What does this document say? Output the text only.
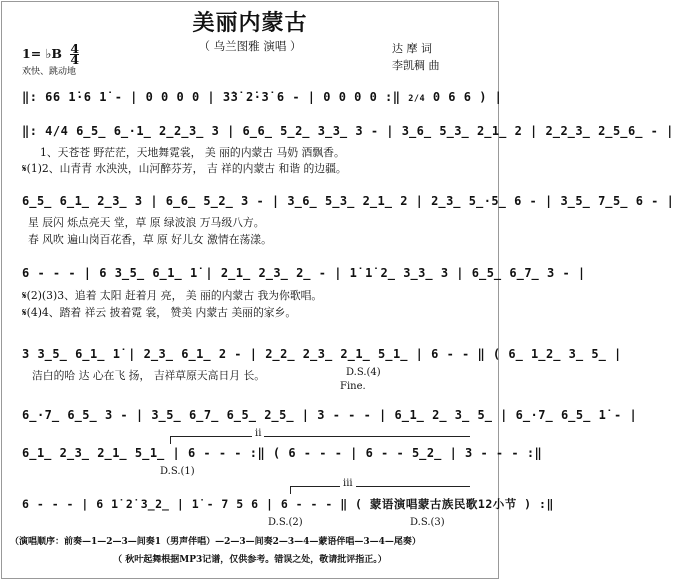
美丽内蒙古
（ 乌兰图雅 演唱 ）	达 摩 词
李凯稠 曲
1= ♭B $\frac{4}{4}$
欢快、跳动地
‖: 66 1̇·6 1̇ - | 0 0 0 0 | 3̇3̇ 2̇·3̇ 6 - | 0 0 0 0 :‖ 2/4 0 6 6 ) |
‖: 4/4 6̲5̲ 6̲·1̲ 2̲2̲3̲ 3 | 6̲6̲ 5̲2̲ 3̲3̲ 3 - | 3̲6̲ 5̲3̲ 2̲1̲ 2 | 2̲2̲3̲ 2̲5̲6̲ - |
1、天苍苍 野茫茫，天地舞霓裳， 美 丽的内蒙古 马奶 酒飘香。
𝄋(1)2、山青青 水泱泱，山河醉芬芳， 吉 祥的内蒙古 和谐 的边疆。
6̲5̲ 6̲1̲ 2̲3̲ 3 | 6̲6̲ 5̲2̲ 3 - | 3̲6̲ 5̲3̲ 2̲1̲ 2 | 2̲3̲ 5̲·5̲ 6 - | 3̲5̲ 7̲5̲ 6 - |
星 辰闪 烁点亮天 堂，草 原 绿波浪 万马级八方。
春 风吹 遍山岗百花香，草 原 好儿女 激情在荡漾。
6 - - - | 6 3̲5̲ 6̲1̲ 1̇ | 2̲1̲ 2̲3̲ 2̲ - | 1̇ 1̇ 2̲ 3̲3̲ 3 | 6̲5̲ 6̲7̲ 3 - |
𝄋(2)(3)3、追着 太阳 赶着月 亮， 美 丽的内蒙古 我为你歌唱。
𝄋(4)4、踏着 祥云 披着霓 裳， 赞美 内蒙古 美丽的家乡。
3 3̲5̲ 6̲1̲ 1̇ | 2̲3̲ 6̲1̲ 2 - | 2̲2̲ 2̲3̲ 2̲1̲ 5̲1̲ | 6 - - ‖ ( 6̲ 1̲2̲ 3̲ 5̲ |
洁白的哈 达 心在飞 扬， 吉祥草原天高日月 长。	D.S.(4)
Fine.
6̲·7̲ 6̲5̲ 3 - | 3̲5̲ 6̲7̲ 6̲5̲ 2̲5̲ | 3 - - - | 6̲1̲ 2̲ 3̲ 5̲ | 6̲·7̲ 6̲5̲ 1̇ - |
ii
6̲1̲ 2̲3̲ 2̲1̲ 5̲1̲ | 6 - - - :‖ ( 6 - - - | 6 - - 5̲2̲ | 3 - - - :‖
D.S.(1)
iii
6 - - - | 6 1̇ 2̇ 3̲2̲ | 1̇ - 7 5 6 | 6 - - - ‖ ( 蒙语演唱蒙古族民歌12小节 ) :‖
D.S.(2)	D.S.(3)
（演唱顺序：前奏—1—2—3—间奏1（男声伴唱）—2—3—间奏2—3—4—蒙语伴唱—3—4—尾奏）
（ 秋叶起舞根据MP3记谱，仅供参考。错误之处，敬请批评指正。）
